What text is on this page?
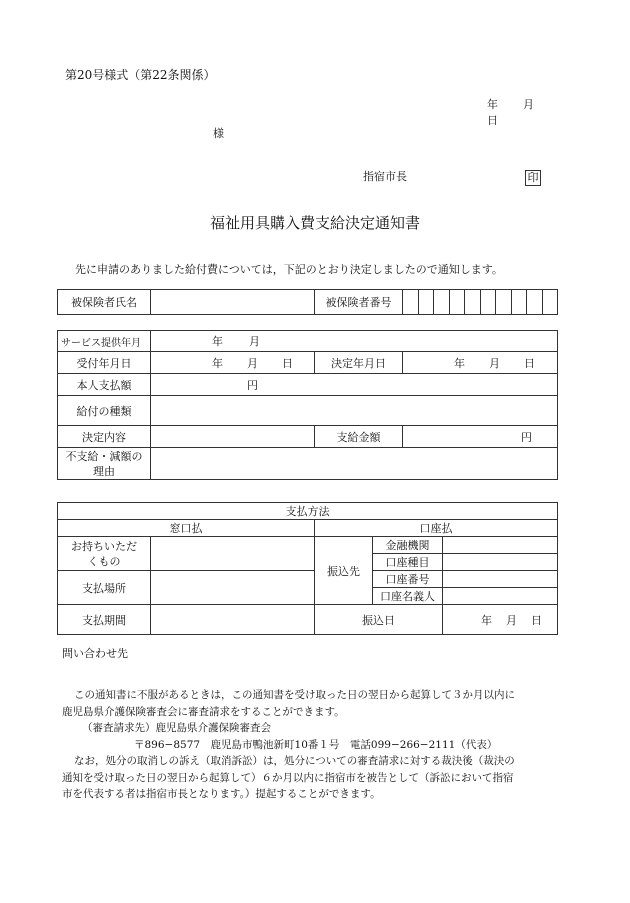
第20号様式（第22条関係）
年 月  日
様
指宿市長	印
福祉用具購入費支給決定通知書
先に申請のありました給付費については，下記のとおり決定しましたので通知します。
被保険者氏名		被保険者番号										
サービス提供年月	年 月		
受付年月日	年 月 日	決定年月日	年 月 日
本人支払額	円		
給付の種類			
決定内容		支給金額	円

不支給・減額の
理由			

支払方法				
窓口払		口座払		

お持ちいただ
くもの		振込先	金融機関	
			口座種目	
支払場所			口座番号	
			口座名義人	
支払期間		振込日		年 月 日
問い合わせ先
この通知書に不服があるときは，この通知書を受け取った日の翌日から起算して３か月以内に
鹿児島県介護保険審査会に審査請求をすることができます。
（審査請求先）鹿児島県介護保険審査会
〒896−8577　鹿児島市鴨池新町10番１号　電話099−266−2111（代表）
なお，処分の取消しの訴え（取消訴訟）は，処分についての審査請求に対する裁決後（裁決の
通知を受け取った日の翌日から起算して）６か月以内に指宿市を被告として（訴訟において指宿
市を代表する者は指宿市長となります。）提起することができます。
